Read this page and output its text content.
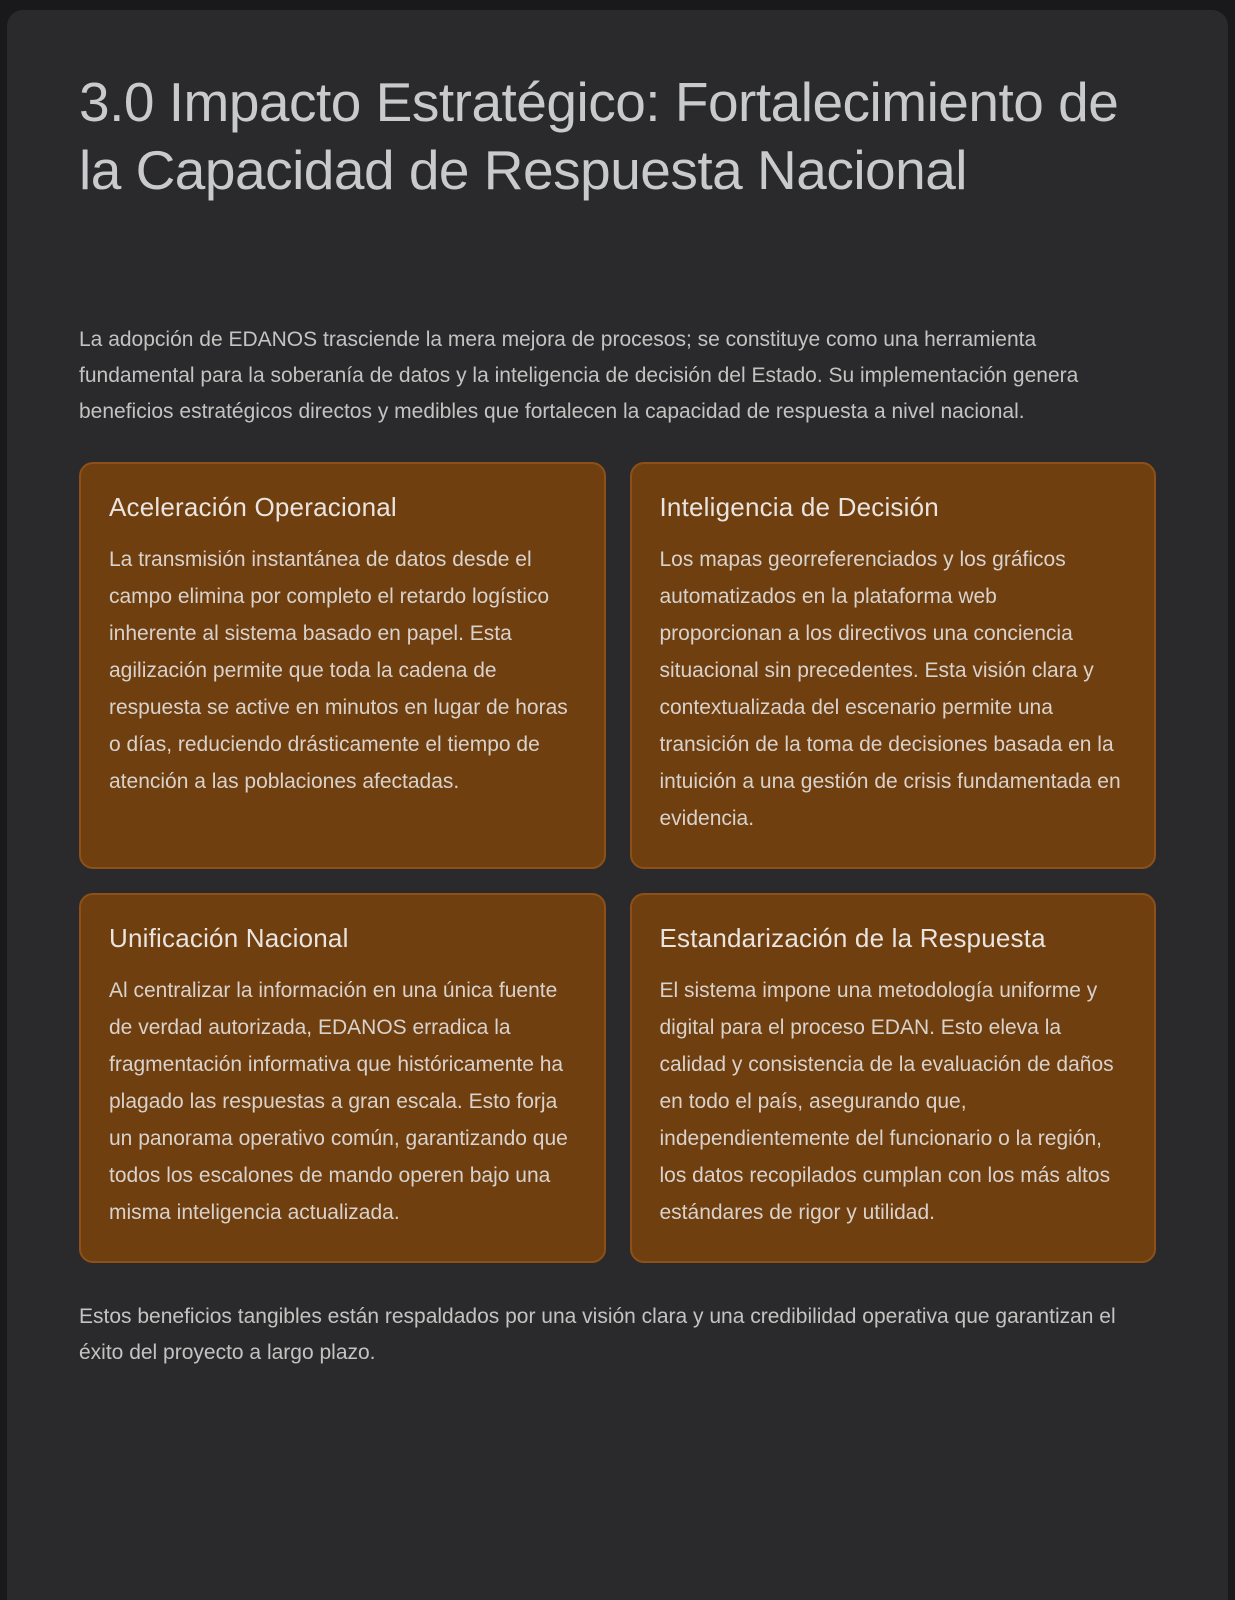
3.0 Impacto Estratégico: Fortalecimiento de la Capacidad de Respuesta Nacional

La adopción de EDANOS trasciende la mera mejora de procesos; se constituye como una herramienta fundamental para la soberanía de datos y la inteligencia de decisión del Estado. Su implementación genera beneficios estratégicos directos y medibles que fortalecen la capacidad de respuesta a nivel nacional.

Aceleración Operacional

La transmisión instantánea de datos desde el campo elimina por completo el retardo logístico inherente al sistema basado en papel. Esta agilización permite que toda la cadena de respuesta se active en minutos en lugar de horas o días, reduciendo drásticamente el tiempo de atención a las poblaciones afectadas.

Inteligencia de Decisión

Los mapas georreferenciados y los gráficos automatizados en la plataforma web proporcionan a los directivos una conciencia situacional sin precedentes. Esta visión clara y contextualizada del escenario permite una transición de la toma de decisiones basada en la intuición a una gestión de crisis fundamentada en evidencia.

Unificación Nacional

Al centralizar la información en una única fuente de verdad autorizada, EDANOS erradica la fragmentación informativa que históricamente ha plagado las respuestas a gran escala. Esto forja un panorama operativo común, garantizando que todos los escalones de mando operen bajo una misma inteligencia actualizada.

Estandarización de la Respuesta

El sistema impone una metodología uniforme y digital para el proceso EDAN. Esto eleva la calidad y consistencia de la evaluación de daños en todo el país, asegurando que, independientemente del funcionario o la región, los datos recopilados cumplan con los más altos estándares de rigor y utilidad.

Estos beneficios tangibles están respaldados por una visión clara y una credibilidad operativa que garantizan el éxito del proyecto a largo plazo.
